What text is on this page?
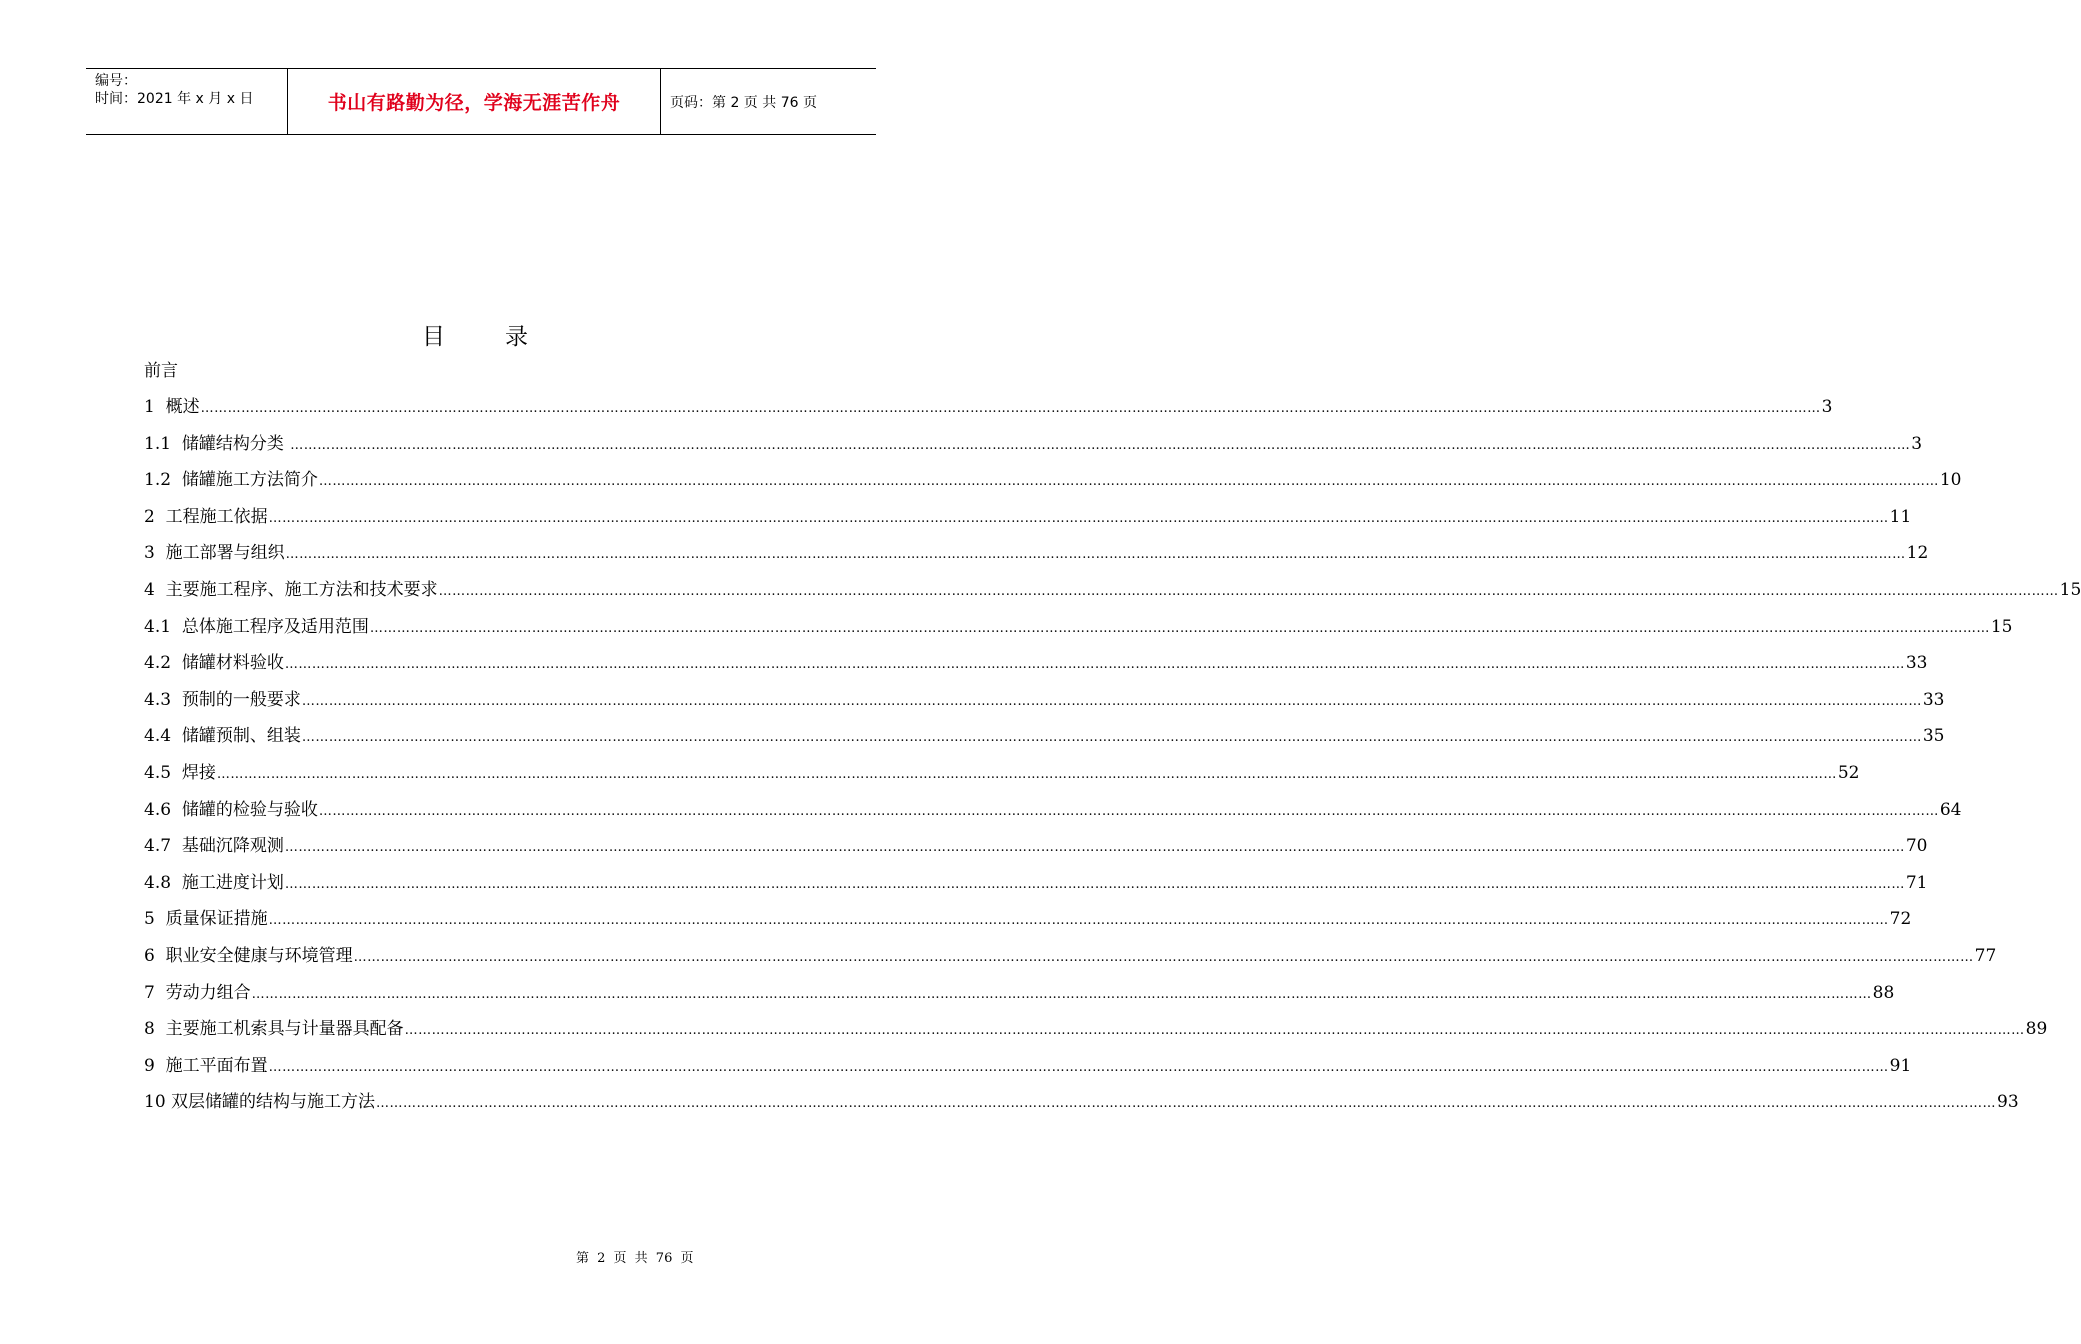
编号：
时间：2021 年 x 月 x 日	书山有路勤为径，学海无涯苦作舟	页码：第 2 页 共 76 页
目录
前言
1 概述 ……………………………………………………………………………………………………………………………………………………………………………………………………………………………………………………………………………………………………………………………… 3
1.1 储罐结构分类 ……………………………………………………………………………………………………………………………………………………………………………………………………………………………………………………………………………………………………………………………… 3
1.2 储罐施工方法简介 ……………………………………………………………………………………………………………………………………………………………………………………………………………………………………………………………………………………………………………………………… 10
2 工程施工依据 ……………………………………………………………………………………………………………………………………………………………………………………………………………………………………………………………………………………………………………………………… 11
3 施工部署与组织 ……………………………………………………………………………………………………………………………………………………………………………………………………………………………………………………………………………………………………………………………… 12
4 主要施工程序、施工方法和技术要求 ……………………………………………………………………………………………………………………………………………………………………………………………………………………………………………………………………………………………………………………………… 15
4.1 总体施工程序及适用范围 ……………………………………………………………………………………………………………………………………………………………………………………………………………………………………………………………………………………………………………………………… 15
4.2 储罐材料验收 ……………………………………………………………………………………………………………………………………………………………………………………………………………………………………………………………………………………………………………………………… 33
4.3 预制的一般要求 ……………………………………………………………………………………………………………………………………………………………………………………………………………………………………………………………………………………………………………………………… 33
4.4 储罐预制、组装 ……………………………………………………………………………………………………………………………………………………………………………………………………………………………………………………………………………………………………………………………… 35
4.5 焊接 ……………………………………………………………………………………………………………………………………………………………………………………………………………………………………………………………………………………………………………………………… 52
4.6 储罐的检验与验收 ……………………………………………………………………………………………………………………………………………………………………………………………………………………………………………………………………………………………………………………………… 64
4.7 基础沉降观测 ……………………………………………………………………………………………………………………………………………………………………………………………………………………………………………………………………………………………………………………………… 70
4.8 施工进度计划 ……………………………………………………………………………………………………………………………………………………………………………………………………………………………………………………………………………………………………………………………… 71
5 质量保证措施 ……………………………………………………………………………………………………………………………………………………………………………………………………………………………………………………………………………………………………………………………… 72
6 职业安全健康与环境管理 ……………………………………………………………………………………………………………………………………………………………………………………………………………………………………………………………………………………………………………………………… 77
7 劳动力组合 ……………………………………………………………………………………………………………………………………………………………………………………………………………………………………………………………………………………………………………………………… 88
8 主要施工机索具与计量器具配备 ……………………………………………………………………………………………………………………………………………………………………………………………………………………………………………………………………………………………………………………………… 89
9 施工平面布置 ……………………………………………………………………………………………………………………………………………………………………………………………………………………………………………………………………………………………………………………………… 91
10 双层储罐的结构与施工方法 ……………………………………………………………………………………………………………………………………………………………………………………………………………………………………………………………………………………………………………………………… 93
第 2 页 共 76 页
